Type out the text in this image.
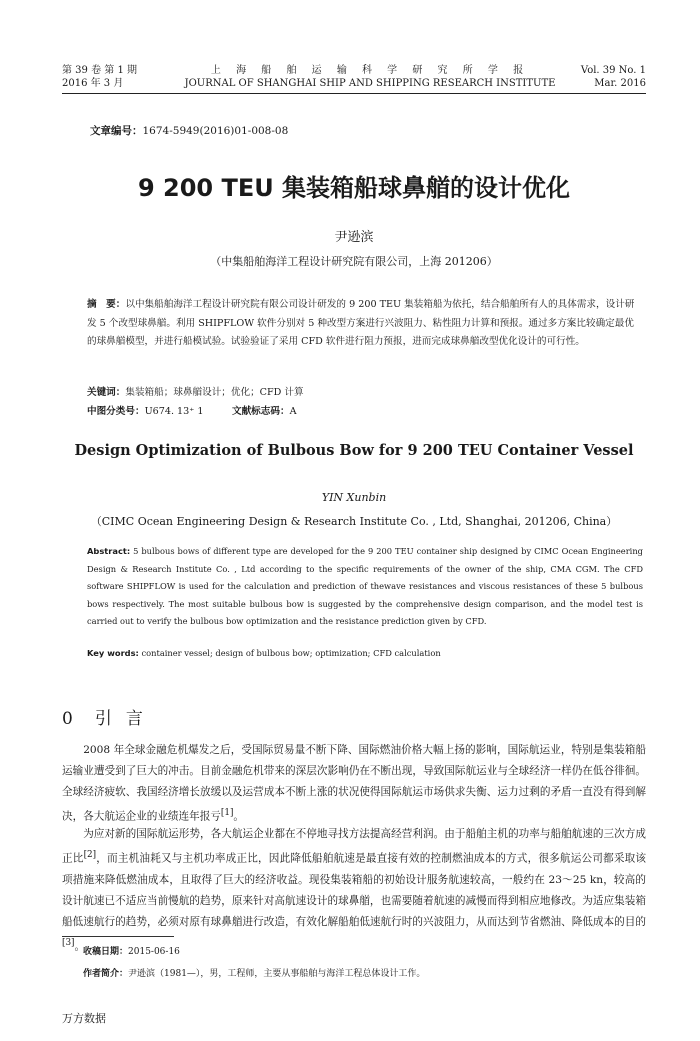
第 39 卷 第 1 期
2016 年 3 月
上 海 船 舶 运 输 科 学 研 究 所 学 报
JOURNAL OF SHANGHAI SHIP AND SHIPPING RESEARCH INSTITUTE
Vol. 39 No. 1
Mar. 2016
文章编号：1674-5949(2016)01-008-08
9 200 TEU 集装箱船球鼻艏的设计优化
尹逊滨
（中集船舶海洋工程设计研究院有限公司，上海 201206）
摘　要：以中集船舶海洋工程设计研究院有限公司设计研发的 9 200 TEU 集装箱船为依托，结合船舶所有人的具体需求，设计研发 5 个改型球鼻艏。利用 SHIPFLOW 软件分别对 5 种改型方案进行兴波阻力、粘性阻力计算和预报。通过多方案比较确定最优的球鼻艏模型，并进行船模试验。试验验证了采用 CFD 软件进行阻力预报，进而完成球鼻艏改型优化设计的可行性。
关键词：集装箱船；球鼻艏设计；优化；CFD 计算
中图分类号：U674. 13⁺ 1	文献标志码：A
Design Optimization of Bulbous Bow for 9 200 TEU Container Vessel
YIN Xunbin
（CIMC Ocean Engineering Design & Research Institute Co. , Ltd, Shanghai, 201206, China）
Abstract: 5 bulbous bows of different type are developed for the 9 200 TEU container ship designed by CIMC Ocean Engineering Design & Research Institute Co. , Ltd according to the specific requirements of the owner of the ship, CMA CGM. The CFD software SHIPFLOW is used for the calculation and prediction of thewave resistances and viscous resistances of these 5 bulbous bows respectively. The most suitable bulbous bow is suggested by the comprehensive design comparison, and the model test is carried out to verify the bulbous bow optimization and the resistance prediction given by CFD.
Key words: container vessel; design of bulbous bow; optimization; CFD calculation
0 引言
2008 年全球金融危机爆发之后，受国际贸易量不断下降、国际燃油价格大幅上扬的影响，国际航运业，特别是集装箱船运输业遭受到了巨大的冲击。目前金融危机带来的深层次影响仍在不断出现，导致国际航运业与全球经济一样仍在低谷徘徊。全球经济疲软、我国经济增长放缓以及运营成本不断上涨的状况使得国际航运市场供求失衡、运力过剩的矛盾一直没有得到解决，各大航运企业的业绩连年报亏[1]。
为应对新的国际航运形势，各大航运企业都在不停地寻找方法提高经营利润。由于船舶主机的功率与船舶航速的三次方成正比[2]，而主机油耗又与主机功率成正比，因此降低船舶航速是最直接有效的控制燃油成本的方式，很多航运公司都采取该项措施来降低燃油成本，且取得了巨大的经济收益。现役集装箱船的初始设计服务航速较高，一般约在 23～25 kn，较高的设计航速已不适应当前慢航的趋势，原来针对高航速设计的球鼻艏，也需要随着航速的减慢而得到相应地修改。为适应集装箱船低速航行的趋势，必须对原有球鼻艏进行改造，有效化解船舶低速航行时的兴波阻力，从而达到节省燃油、降低成本的目的[3]。
收稿日期：2015-06-16
作者简介：尹逊滨（1981—），男，工程师，主要从事船舶与海洋工程总体设计工作。
万方数据
